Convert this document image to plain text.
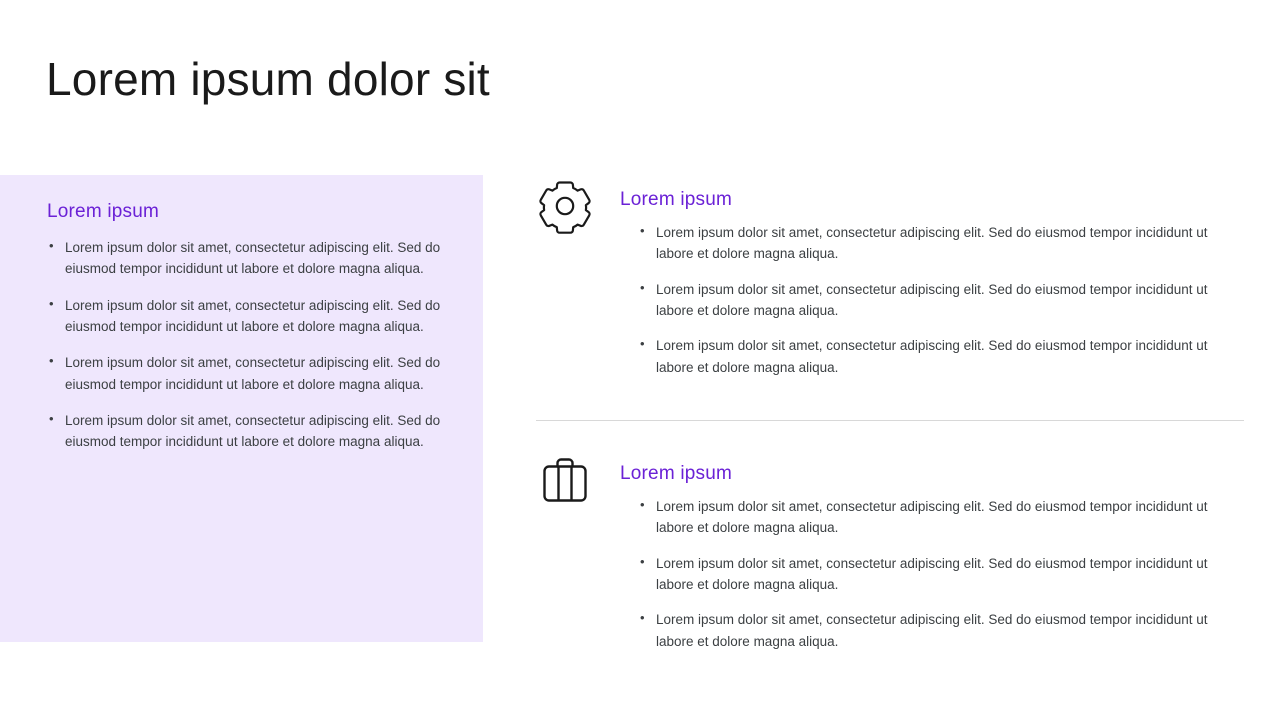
Lorem ipsum dolor sit
Lorem ipsum
• Lorem ipsum dolor sit amet, consectetur adipiscing elit. Sed do eiusmod tempor incididunt ut labore et dolore magna aliqua.
• Lorem ipsum dolor sit amet, consectetur adipiscing elit. Sed do eiusmod tempor incididunt ut labore et dolore magna aliqua.
• Lorem ipsum dolor sit amet, consectetur adipiscing elit. Sed do eiusmod tempor incididunt ut labore et dolore magna aliqua.
• Lorem ipsum dolor sit amet, consectetur adipiscing elit. Sed do eiusmod tempor incididunt ut labore et dolore magna aliqua.
Lorem ipsum
• Lorem ipsum dolor sit amet, consectetur adipiscing elit. Sed do eiusmod tempor incididunt ut labore et dolore magna aliqua.
• Lorem ipsum dolor sit amet, consectetur adipiscing elit. Sed do eiusmod tempor incididunt ut labore et dolore magna aliqua.
• Lorem ipsum dolor sit amet, consectetur adipiscing elit. Sed do eiusmod tempor incididunt ut labore et dolore magna aliqua.
Lorem ipsum
• Lorem ipsum dolor sit amet, consectetur adipiscing elit. Sed do eiusmod tempor incididunt ut labore et dolore magna aliqua.
• Lorem ipsum dolor sit amet, consectetur adipiscing elit. Sed do eiusmod tempor incididunt ut labore et dolore magna aliqua.
• Lorem ipsum dolor sit amet, consectetur adipiscing elit. Sed do eiusmod tempor incididunt ut labore et dolore magna aliqua.
